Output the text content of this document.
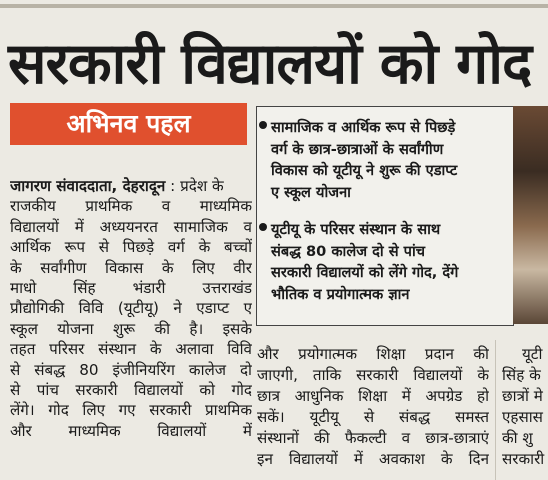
सरकारी विद्यालयों को गोद
अभिनव पहल
जागरण संवाददाता, देहरादून : प्रदेश के
राजकीय प्राथमिक व माध्यमिक
विद्यालयों में अध्ययनरत सामाजिक व
आर्थिक रूप से पिछड़े वर्ग के बच्चों
के सर्वांगीण विकास के लिए वीर
माधो सिंह भंडारी उत्तराखंड
प्रौद्योगिकी विवि (यूटीयू) ने एडाप्ट ए
स्कूल योजना शुरू की है। इसके
तहत परिसर संस्थान के अलावा विवि
से संबद्ध 80 इंजीनियरिंग कालेज दो
से पांच सरकारी विद्यालयों को गोद
लेंगे। गोद लिए गए सरकारी प्राथमिक
और माध्यमिक विद्यालयों में
सामाजिक व आर्थिक रूप से पिछड़े
वर्ग के छात्र-छात्राओं के सर्वांगीण
विकास को यूटीयू ने शुरू की एडाप्ट
ए स्कूल योजना
यूटीयू के परिसर संस्थान के साथ
संबद्ध 80 कालेज दो से पांच
सरकारी विद्यालयों को लेंगे गोद, देंगे
भौतिक व प्रयोगात्मक ज्ञान
और प्रयोगात्मक शिक्षा प्रदान की
जाएगी, ताकि सरकारी विद्यालयों के
छात्र आधुनिक शिक्षा में अपग्रेड हो
सकें। यूटीयू से संबद्ध समस्त
संस्थानों की फैकल्टी व छात्र-छात्राएं
इन विद्यालयों में अवकाश के दिन
यूटी
सिंह के
छात्रों मे
एहसास
की शु
सरकारी
